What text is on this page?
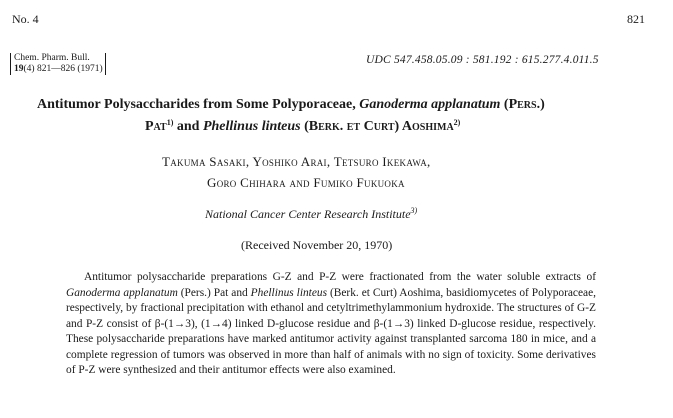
No. 4	821
Chem. Pharm. Bull.
19(4) 821—826 (1971)
UDC 547.458.05.09 : 581.192 : 615.277.4.011.5
Antitumor Polysaccharides from Some Polyporaceae, Ganoderma applanatum (Pers.)
Pat$^{1)}$ and Phellinus linteus (Berk. et Curt) Aoshima$^{2)}$
Takuma Sasaki, Yoshiko Arai, Tetsuro Ikekawa,
Goro Chihara and Fumiko Fukuoka
National Cancer Center Research Institute$^{3)}$
(Received November 20, 1970)

Antitumor polysaccharide preparations G-Z and P-Z were fractionated from the water soluble extracts of Ganoderma applanatum (Pers.) Pat and Phellinus linteus (Berk. et Curt) Aoshima, basidiomycetes of Polyporaceae, respectively, by fractional precipitation with ethanol and cetyltrimethylammonium hydroxide. The structures of G-Z and P-Z consist of β-(1→3), (1→4) linked D-glucose residue and β-(1→3) linked D-glucose residue, respectively. These polysaccharide preparations have marked antitumor activity against transplanted sarcoma 180 in mice, and a complete regression of tumors was observed in more than half of animals with no sign of toxicity. Some derivatives of P-Z were synthesized and their antitumor effects were also examined.
